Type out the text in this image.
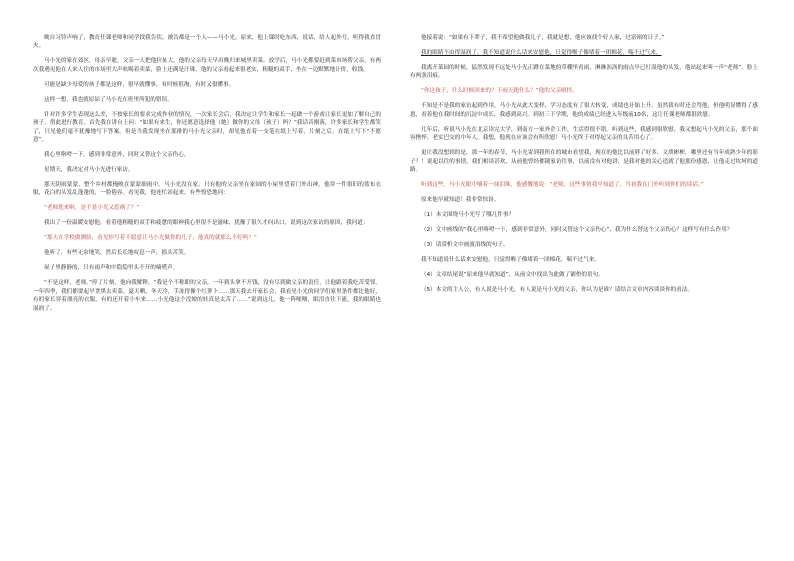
晚自习铃声响了，教育任课老师和同学找我告状，被告都是一个人——马小光。原来，他上课时吃东西，说话，给人起外号，听得我直冒火。

马小光的家在郊区，母亲早逝，父亲一人把他拉扯大。他的父亲每天早出晚归来城里卖菜。放学后，马小光都要赶到菜市场帮父亲，有两次我遇见他在人来人往的市场里大声吆喝着卖菜，脸上还满是汗珠。他的父亲看起来很老实，粗糙的双手，坐在一边默默地计价，收钱。

可能是缺少母爱的孩子都是这样，很早就懂事，有时候很淘，有时又很懂事。

这样一想，我也就原谅了马小光在班里所犯的错误。

针对许多学生表现这么差，不按家长的要求完成作业的情况，一次家长会后，我决定让学生和家长一起做一个游戏让家长更加了解自己的孩子，借此进行教育。首先我在讲台上问：“如果有来生，你还愿意选择他（她）做你的父母（孩子）吗？”我话音刚落，许多家长和学生都笑了，只见他们毫不犹豫地写下答案。但是当我发现坐在那排的马小光父亲时，却见他直着一支笔在纸上写着，片刻之后，在纸上写下“不愿意”。

我心里咯噔一下，感到非常意外，同时又替这个父亲伤心。

星期天，我决定对马小光进行家访。

那天阴雨蒙蒙，整个乡村都掩映在蒙蒙细雨中。马小光没在家，只有他的父亲坐在家园的小屋里望着门外出神，他穿一件很旧的蓝布衣服，花白的头发乱蓬蓬的，一脸倦容。看见我，他连忙站起来，有些惶恐地问：

“老师您来啦，是不是小光又惹祸了？”

我出了一份温暖安慰他，看着他粗糙的双手和疲惫的眼神我心里很不是滋味，犹豫了很久才问出口，说到这次家访的原因，我问道：

“那天在学校做测验，看见你写着不愿意让马小光做你的儿子，他真的就那么不好吗？”

他听了，有些无奈地笑，然后长长地叹息一声，摇头苦笑。

屋子里静静的，只有雨声和中隐隐里头不开的嘀嗒声。

“不是这样，老师。”停了片刻，他向我解释，“我是个不称职的父亲，一年到头拿不开钱，没有尽到做父亲的责任，让他跟着我吃苦受罪。一年四季，我们都要起早贪黑去卖菜。夏天晒，冬天冷，手冻得像个红萝卜……那天我去开家长会，我看见小光的同学们家里条件都比他好，有的家长穿着漂亮的衣服，有的还开着小车来……小光他这个没娘的娃真是太苦了……”说到这儿，他一阵哽咽，眼泪直往下流，我的眼睛也湿润了。

他接着说：“如果有下辈子，我不希望他做我儿子，我就是想，他应该找个好人家，过富裕的日子。”

我的眼睛不由得湿润了。我不知道说什么话来安慰他，只觉得喉子像堵着一团棉花，喘不过气来。

我离开菜园的时候，猛然发现不远处马小光正蹲在菜地的草棚里看雨，淋淋沥沥的雨点早已打湿他的头发，他站起来叫一声“老师”，脸上有两条泪痕。

“你这孩子，什么时候回来的？下雨天跑什么？”他的父亲嗔怪。

不知是不是我的家访起到作用，马小光从此大变样，学习态度有了很大转变，成绩也开始上升。虽然我有时还会骂他，但他明显懂得了感恩，看着他在我时间的沉淀中成长，我感到高兴。到初三下学期，他的成绩已经进入年级前10名，这让任课老师都很欣慰。

几年后，听说马小光在北京读完大学，到南方一家外企工作，生活得很不错。听到这些，我感到很欣慰。我又想起马小光的父亲，那个面容憔悴、老实巴交的中年人。我想，他现在应该会有所欣慰！马小光终于对得起父亲的良苦用心了。

更让我没想到的是，那一年的春节，马小光寄到我所在的城市看望我，现在的他比以前胖了好多，文质彬彬，哪里还有当年成熟少年的影子？！说起以往的事情，我们相谈甚欢，从前他曾经都随家访往事，以前没有对他讲，是我对他的关心造就了他那份感恩，让他走过坎坷的道路。

听到这些，马小光眼中噙着一抹泪珠，他感慨地说：“老师，这些事情我早知道了，当初我在门外听到你们的谈话。”

原来他早就知道！我非常惊讶。

（1）本文围绕马小光写了哪几件事？

（2）文中画线的“我心里咯噔一下，感到非常意外，同时又替这个父亲伤心”，我为什么替这个父亲伤心？这样写有什么作用？

（3）请赏析文中画波浪线的句子。

我不知道说什么话来安慰他，只觉得喉子像堵着一团棉花，喘不过气来。

（4）文章结尾说“原来他早就知道”，从前文中找出为此做了铺垫的语句。

（5）本文的主人公，有人说是马小光，有人说是马小光的父亲，你认为是谁？请结合文章内容谈谈你的看法。
